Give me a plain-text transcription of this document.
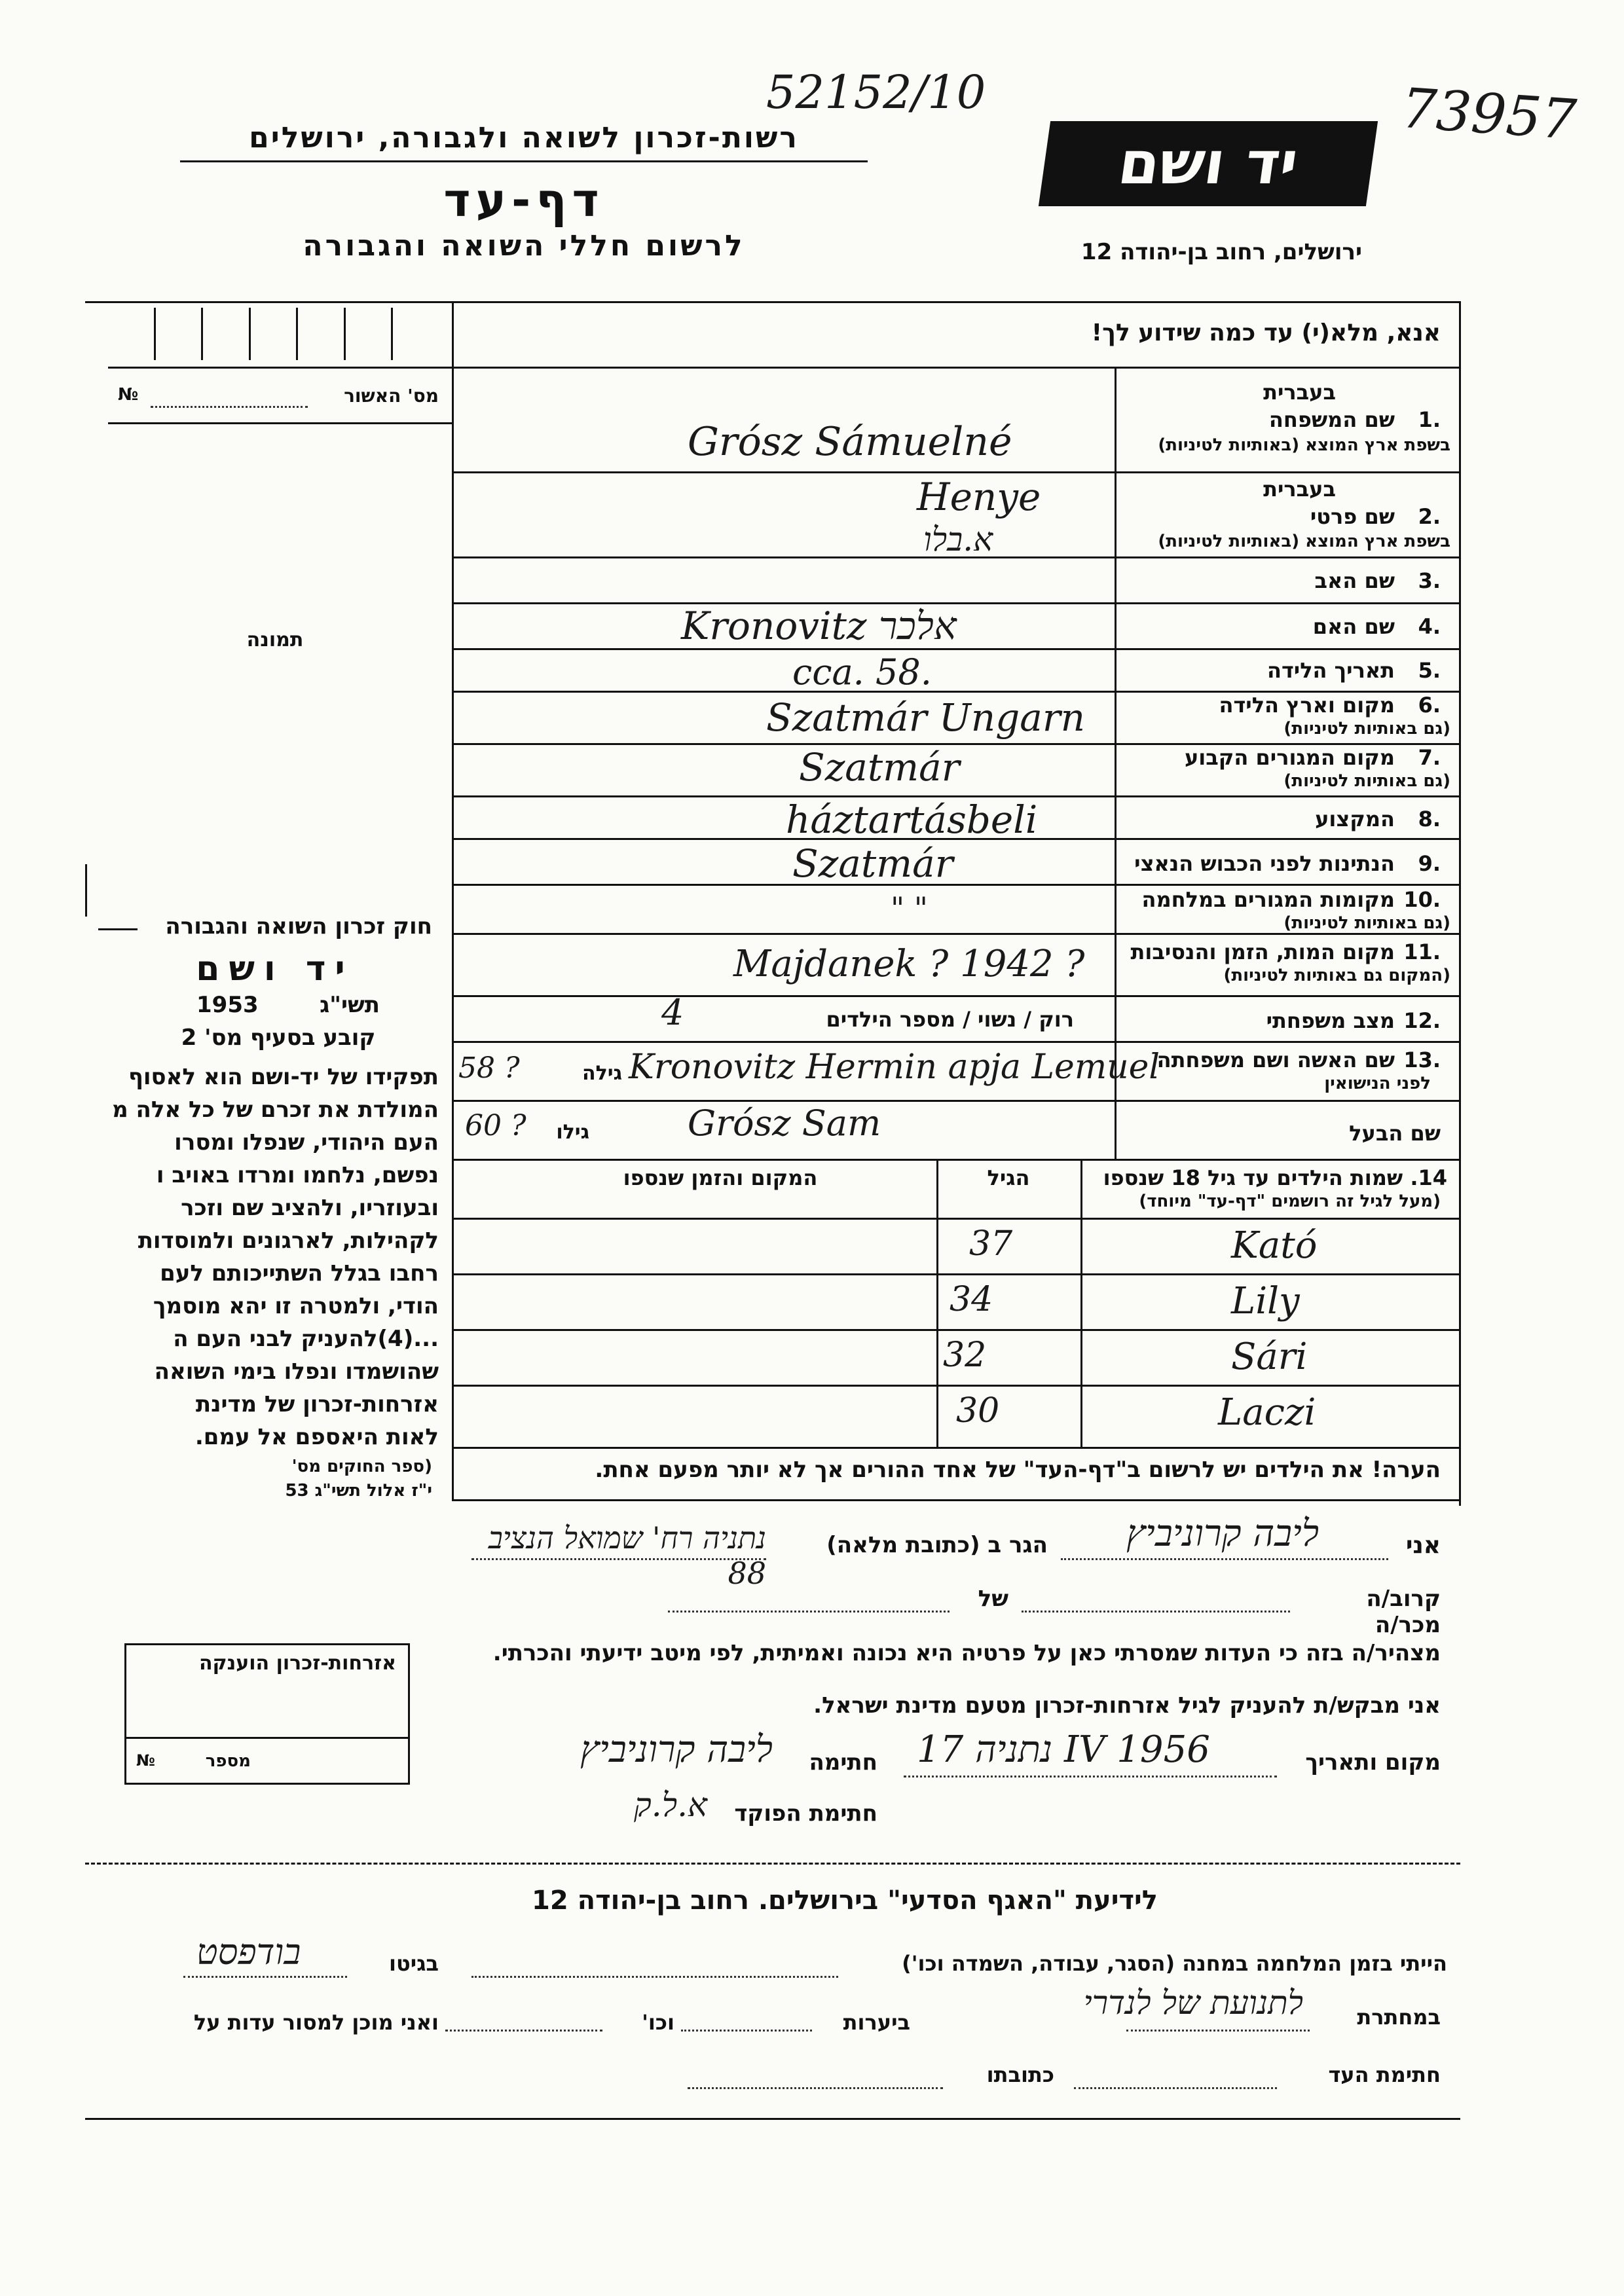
52152/10	73957
רשות-זכרון לשואה ולגבורה, ירושלים
דף-עד
לרשום חללי השואה והגבורה
יד ושם
ירושלים, רחוב בן-יהודה 12
אנא, מלא(י) עד כמה שידוע לך!
מס' האשור
№
תמונה
בעברית
שם המשפחה	.1
בשפת ארץ המוצא (באותיות לטיניות)
Grósz Sámuelné
בעברית
שם פרטי	.2
בשפת ארץ המוצא (באותיות לטיניות)
Henye
א.בלו
שם האב	.3
שם האם	.4
Kronovitz אלכר
תאריך הלידה	.5
cca. 58.
מקום וארץ הלידה	.6
(גם באותיות לטיניות)
Szatmár Ungarn
מקום המגורים הקבוע	.7
(גם באותיות לטיניות)
Szatmár
המקצוע	.8
háztartásbeli
הנתינות לפני הכבוש הנאצי	.9
Szatmár
מקומות המגורים במלחמה .10
(גם באותיות לטיניות)
" "
מקום המות, הזמן והנסיבות .11
(המקום גם באותיות לטיניות)
Majdanek ? 1942 ?
מצב משפחתי .12
רוק / נשוי / מספר הילדים
4
שם האשה ושם משפחתה .13
לפני הנישואין
Kronovitz Hermin apja Lemuel
גילה
58 ?
שם הבעל
Grósz Sam
גילו
60 ?
14. שמות הילדים עד גיל 18 שנספו
(מעל לגיל זה רושמים "דף-עד" מיוחד)
הגיל
המקום והזמן שנספו
Kató
37
Lily
34
Sári
32
Laczi
30
הערה! את הילדים יש לרשום ב"דף-העד" של אחד ההורים אך לא יותר מפעם אחת.
חוק זכרון השואה והגבורה
יד ושם
תשי"ג
1953
קובע בסעיף מס' 2
תפקידו של יד-ושם הוא לאסוף
המולדת את זכרם של כל אלה מ
העם היהודי, שנפלו ומסרו
נפשם, נלחמו ומרדו באויב ו
ובעוזריו, ולהציב שם וזכר
לקהילות, לארגונים ולמוסדות
רחבו בגלל השתייכותם לעם
הודי, ולמטרה זו יהא מוסמך
...(4)להעניק לבני העם ה
שהושמדו ונפלו בימי השואה
אזרחות-זכרון של מדינת
לאות היאספם אל עמם.
(ספר החוקים מס'
י"ז אלול תשי"ג 53
אני
ליבה קרוניביץ
הגר ב (כתובת מלאה)
נתניה רח' שמואל הנציב 88
קרוב/ה מכר/ה
של
מצהיר/ה בזה כי העדות שמסרתי כאן על פרטיה היא נכונה ואמיתית, לפי מיטב ידיעתי והכרתי.
אני מבקש/ת להעניק לגיל אזרחות-זכרון מטעם מדינת ישראל.
מקום ותאריך
נתניה 17 IV 1956
חתימה
ליבה קרוניביץ
חתימת הפוקד
א.ל.ק
אזרחות-זכרון הוענקה
מספר
№
לידיעת "האגף הסדעי" בירושלים. רחוב בן-יהודה 12
הייתי בזמן המלחמה במחנה (הסגר, עבודה, השמדה וכו')
בגיטו
בודפסט
במחתרת
לתנועת של לנדרי
ביערות
וכו'
ואני מוכן למסור עדות על
חתימת העד
כתובתו
